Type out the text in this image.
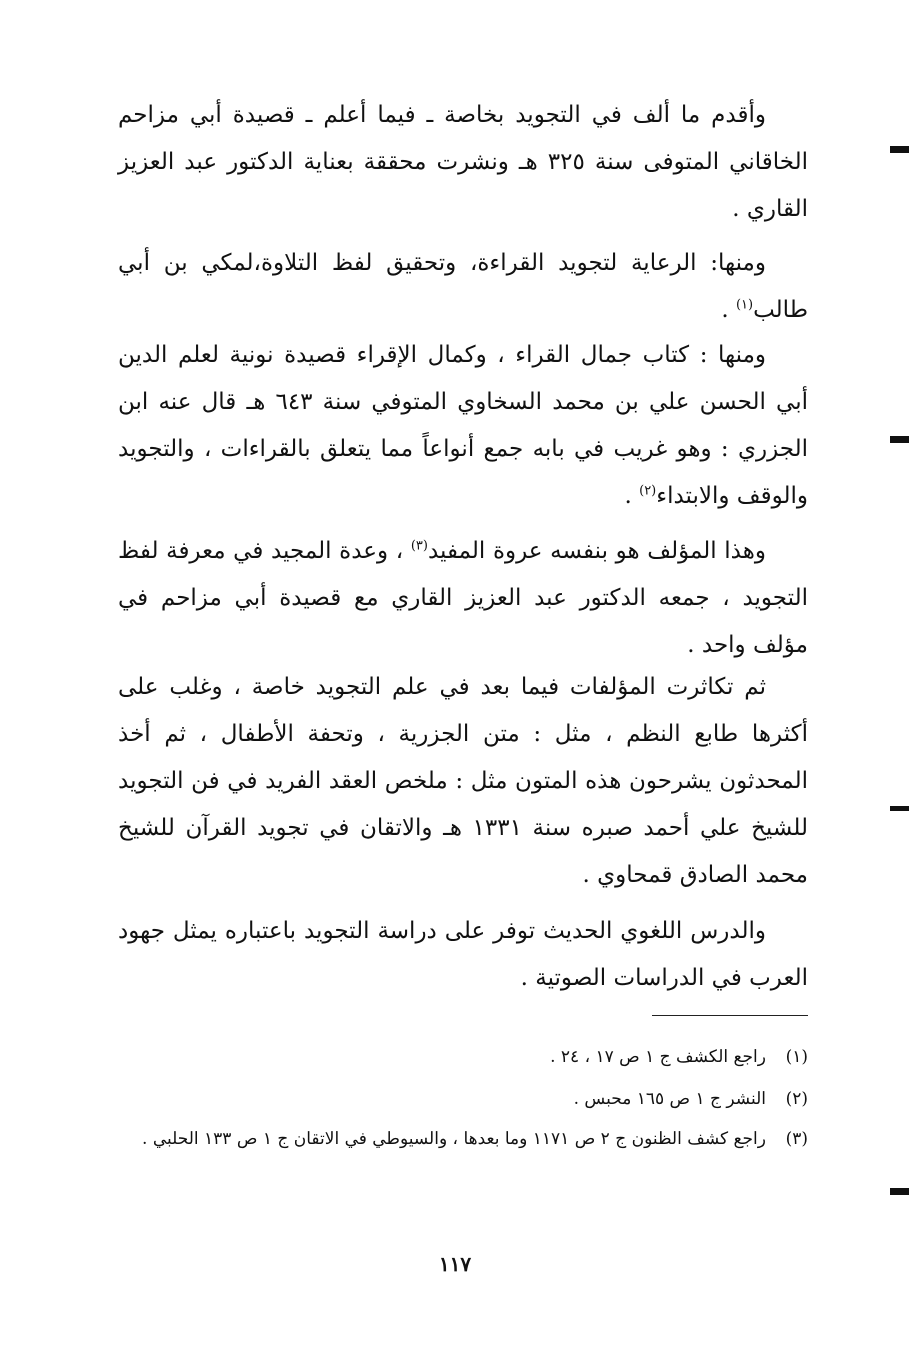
وأقدم ما ألف في التجويد بخاصة ـ فيما أعلم ـ قصيدة أبي مزاحم الخاقاني المتوفى سنة ٣٢٥ هـ ونشرت محققة بعناية الدكتور عبد العزيز القاري .

ومنها: الرعاية لتجويد القراءة، وتحقيق لفظ التلاوة،لمكي بن أبي طالب$^{(١)}$ .

ومنها : كتاب جمال القراء ، وكمال الإقراء قصيدة نونية لعلم الدين أبي الحسن علي بن محمد السخاوي المتوفي سنة ٦٤٣ هـ قال عنه ابن الجزري : وهو غريب في بابه جمع أنواعاً مما يتعلق بالقراءات ، والتجويد والوقف والابتداء$^{(٢)}$ .

وهذا المؤلف هو بنفسه عروة المفيد$^{(٣)}$ ، وعدة المجيد في معرفة لفظ التجويد ، جمعه الدكتور عبد العزيز القاري مع قصيدة أبي مزاحم في مؤلف واحد .

ثم تكاثرت المؤلفات فيما بعد في علم التجويد خاصة ، وغلب على أكثرها طابع النظم ، مثل : متن الجزرية ، وتحفة الأطفال ، ثم أخذ المحدثون يشرحون هذه المتون مثل : ملخص العقد الفريد في فن التجويد للشيخ علي أحمد صبره سنة ١٣٣١ هـ والاتقان في تجويد القرآن للشيخ محمد الصادق قمحاوي .

والدرس اللغوي الحديث توفر على دراسة التجويد باعتباره يمثل جهود العرب في الدراسات الصوتية .

(١)راجع الكشف ج ١ ص ١٧ ، ٢٤ .

(٢)النشر ج ١ ص ١٦٥ محبس .

(٣)راجع كشف الظنون ج ٢ ص ١١٧١ وما بعدها ، والسيوطي في الاتقان ج ١ ص ١٣٣ الحلبي .

١١٧
